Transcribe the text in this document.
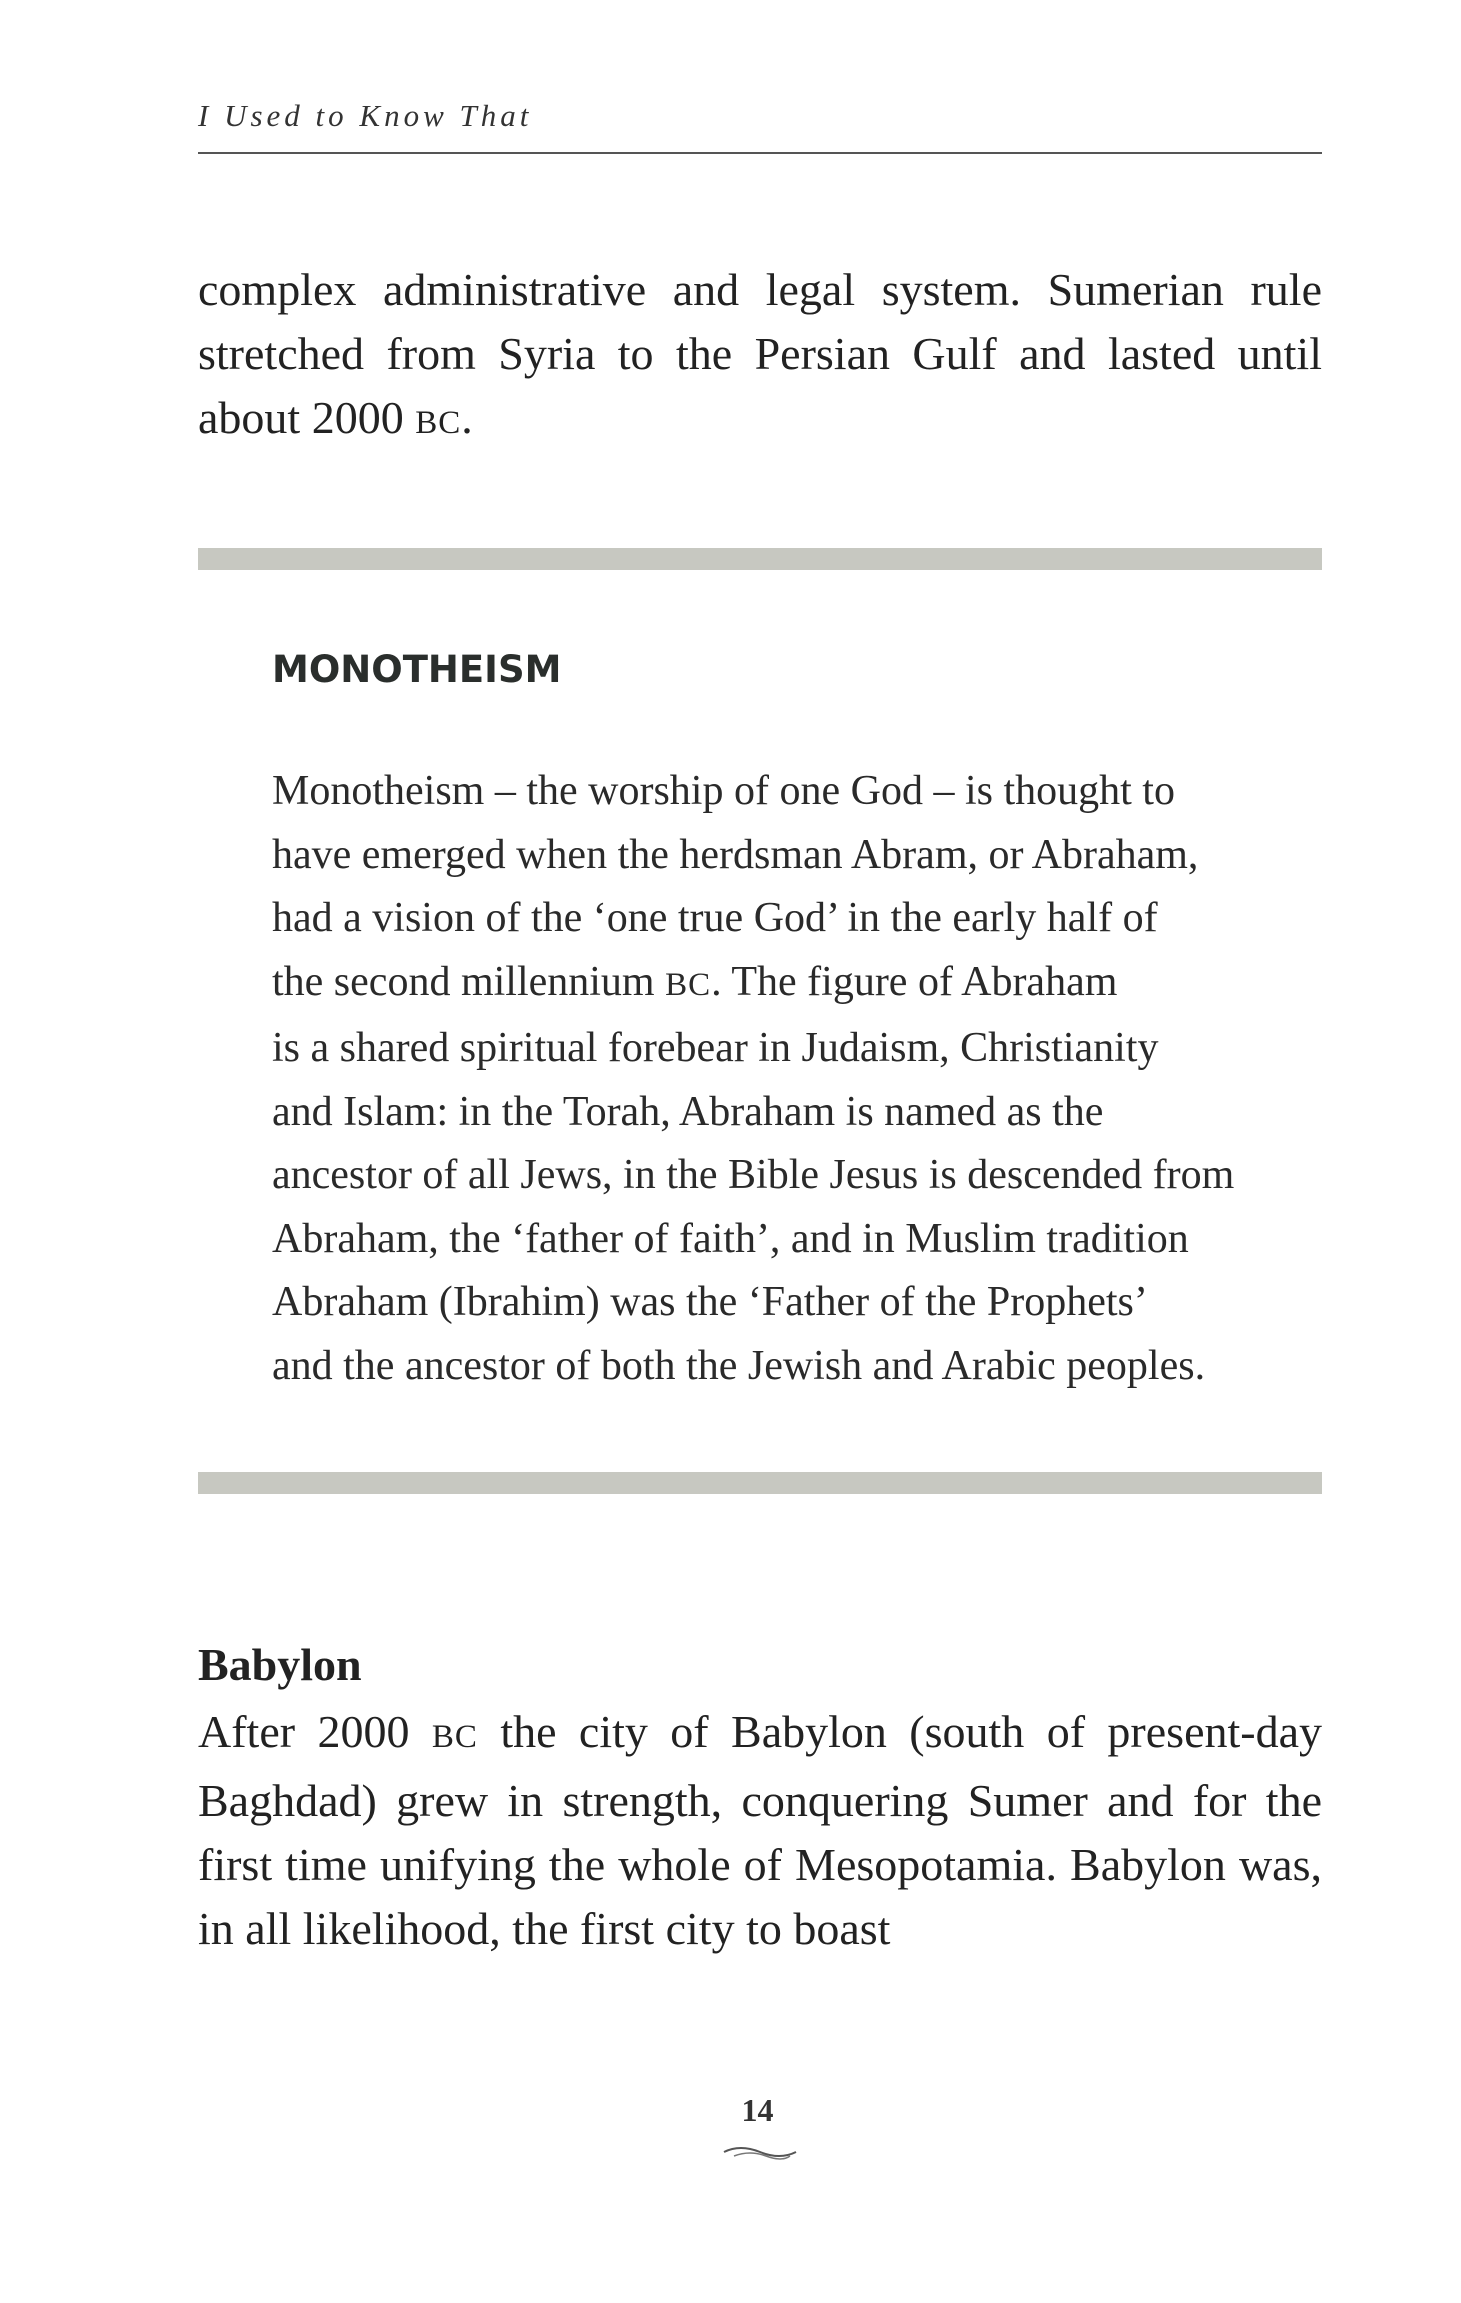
I Used to Know That

complex administrative and legal system. Sumerian rule stretched from Syria to the Persian Gulf and lasted until about 2000 BC.

MONOTHEISM
Monotheism – the worship of one God – is thought to
have emerged when the herdsman Abram, or Abraham,
had a vision of the ‘one true God’ in the early half of
the second millennium BC. The figure of Abraham
is a shared spiritual forebear in Judaism, Christianity
and Islam: in the Torah, Abraham is named as the
ancestor of all Jews, in the Bible Jesus is descended from
Abraham, the ‘father of faith’, and in Muslim tradition
Abraham (Ibrahim) was the ‘Father of the Prophets’
and the ancestor of both the Jewish and Arabic peoples.
Babylon

After 2000 BC the city of Babylon (south of present-day Baghdad) grew in strength, conquering Sumer and for the first time unifying the whole of Mesopotamia. Babylon was, in all likelihood, the first city to boast

14
